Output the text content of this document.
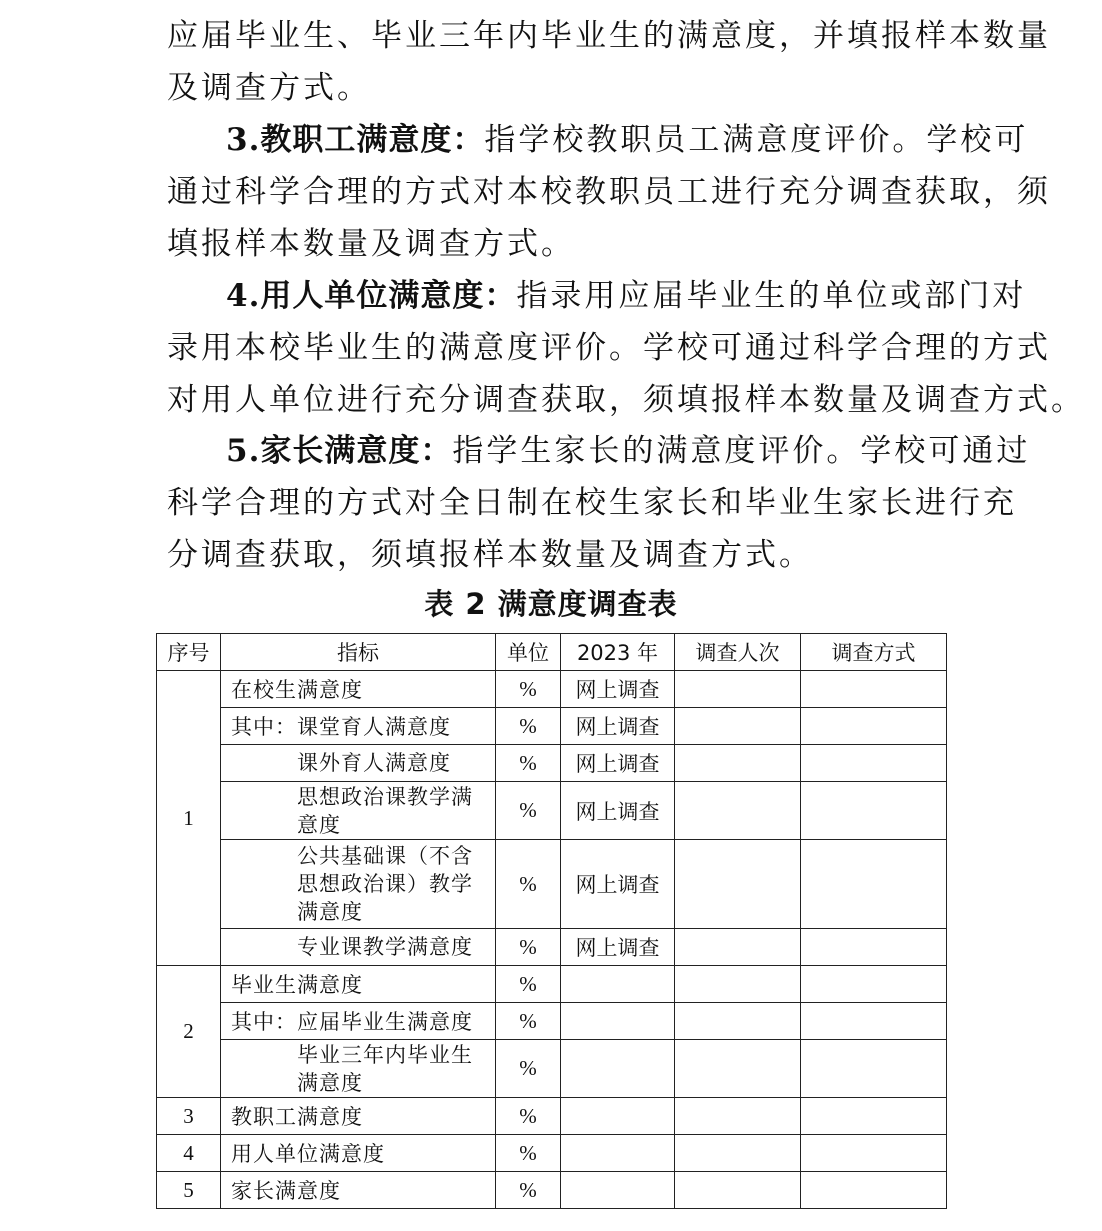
应届毕业生、毕业三年内毕业生的满意度，并填报样本数量
及调查方式。
3.教职工满意度：指学校教职员工满意度评价。学校可
通过科学合理的方式对本校教职员工进行充分调查获取，须
填报样本数量及调查方式。
4.用人单位满意度：指录用应届毕业生的单位或部门对
录用本校毕业生的满意度评价。学校可通过科学合理的方式
对用人单位进行充分调查获取，须填报样本数量及调查方式。
5.家长满意度：指学生家长的满意度评价。学校可通过
科学合理的方式对全日制在校生家长和毕业生家长进行充
分调查获取，须填报样本数量及调查方式。
表 2 满意度调查表
序号	指标	单位	2023 年	调查人次	调查方式
1	在校生满意度	%	网上调查		
	其中：课堂育人满意度	%	网上调查		
	课外育人满意度	%	网上调查		
	思想政治课教学满意度	%	网上调查		
	公共基础课（不含思想政治课）教学满意度	%	网上调查		
	专业课教学满意度	%	网上调查		
2	毕业生满意度	%			
	其中：应届毕业生满意度	%			
	毕业三年内毕业生满意度	%			
3	教职工满意度	%			
4	用人单位满意度	%			
5	家长满意度	%			
